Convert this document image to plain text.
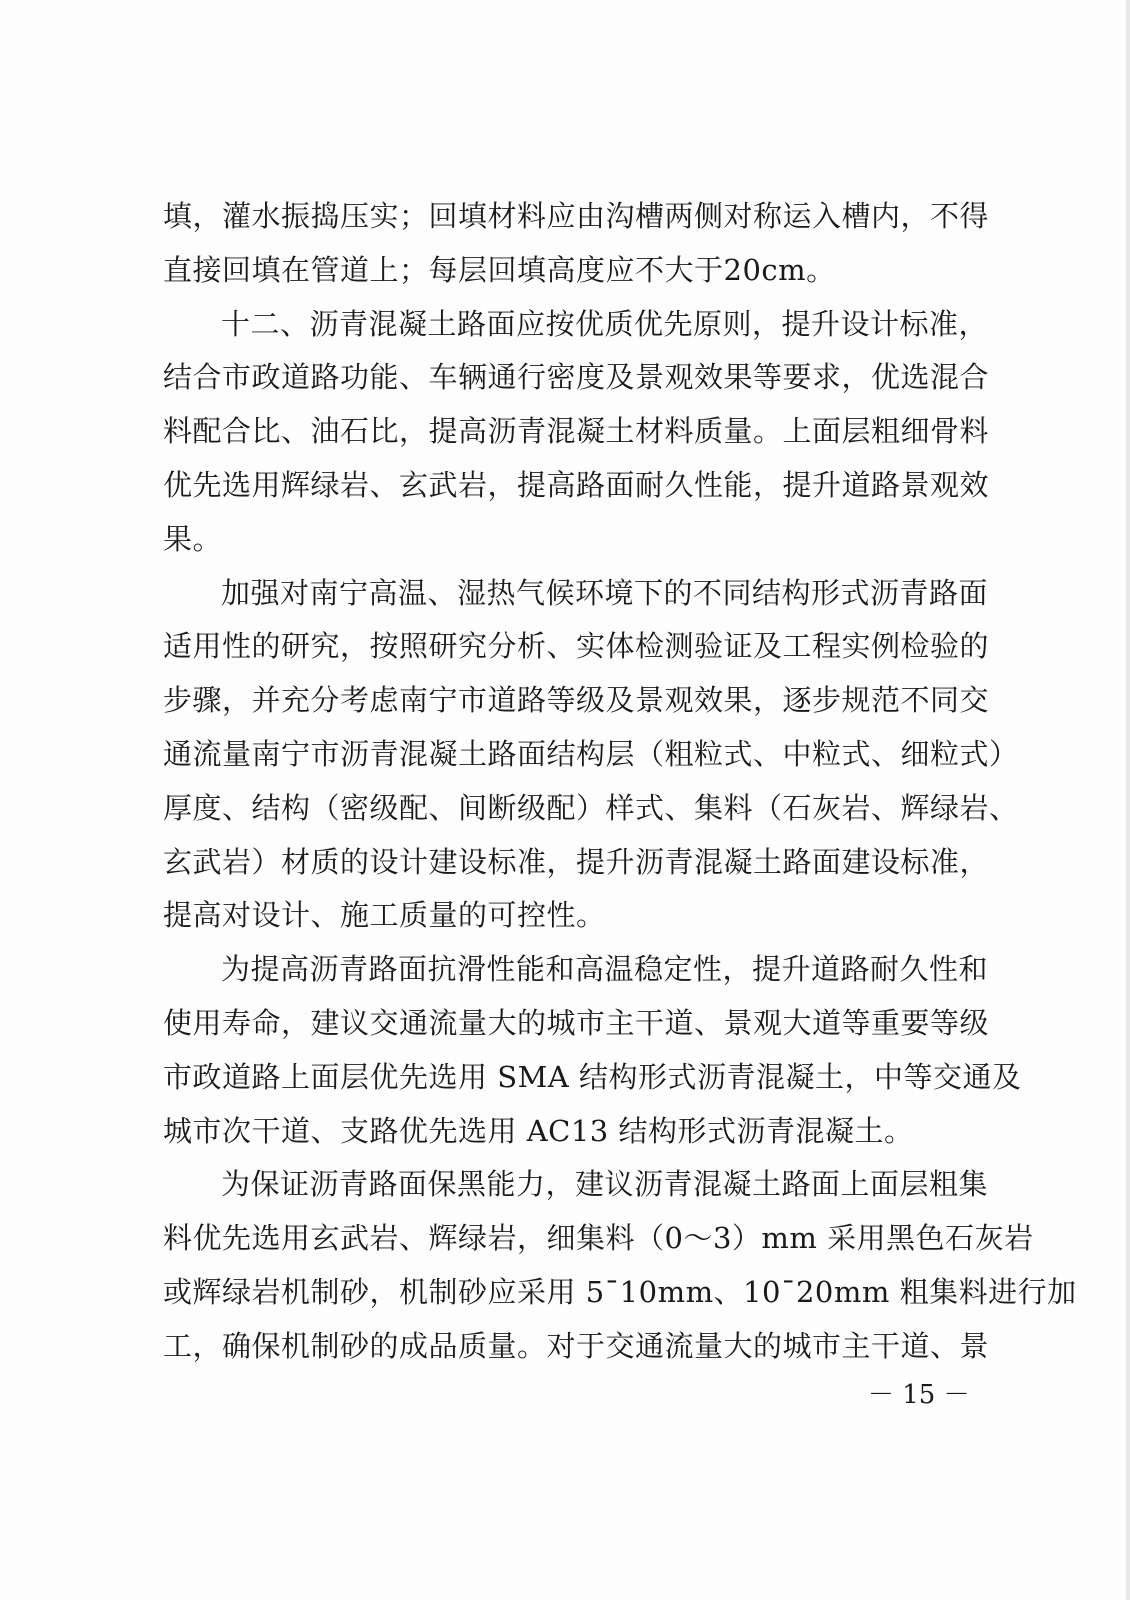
填，灌水振捣压实；回填材料应由沟槽两侧对称运入槽内，不得
直接回填在管道上；每层回填高度应不大于20cm。
十二、沥青混凝土路面应按优质优先原则，提升设计标准，
结合市政道路功能、车辆通行密度及景观效果等要求，优选混合
料配合比、油石比，提高沥青混凝土材料质量。上面层粗细骨料
优先选用辉绿岩、玄武岩，提高路面耐久性能，提升道路景观效
果。
加强对南宁高温、湿热气候环境下的不同结构形式沥青路面
适用性的研究，按照研究分析、实体检测验证及工程实例检验的
步骤，并充分考虑南宁市道路等级及景观效果，逐步规范不同交
通流量南宁市沥青混凝土路面结构层（粗粒式、中粒式、细粒式）
厚度、结构（密级配、间断级配）样式、集料（石灰岩、辉绿岩、
玄武岩）材质的设计建设标准，提升沥青混凝土路面建设标准，
提高对设计、施工质量的可控性。
为提高沥青路面抗滑性能和高温稳定性，提升道路耐久性和
使用寿命，建议交通流量大的城市主干道、景观大道等重要等级
市政道路上面层优先选用 SMA 结构形式沥青混凝土，中等交通及
城市次干道、支路优先选用 AC13 结构形式沥青混凝土。
为保证沥青路面保黑能力，建议沥青混凝土路面上面层粗集
料优先选用玄武岩、辉绿岩，细集料（0～3）mm 采用黑色石灰岩
或辉绿岩机制砂，机制砂应采用 5¯10mm、10¯20mm 粗集料进行加
工，确保机制砂的成品质量。对于交通流量大的城市主干道、景
－ 15 －
